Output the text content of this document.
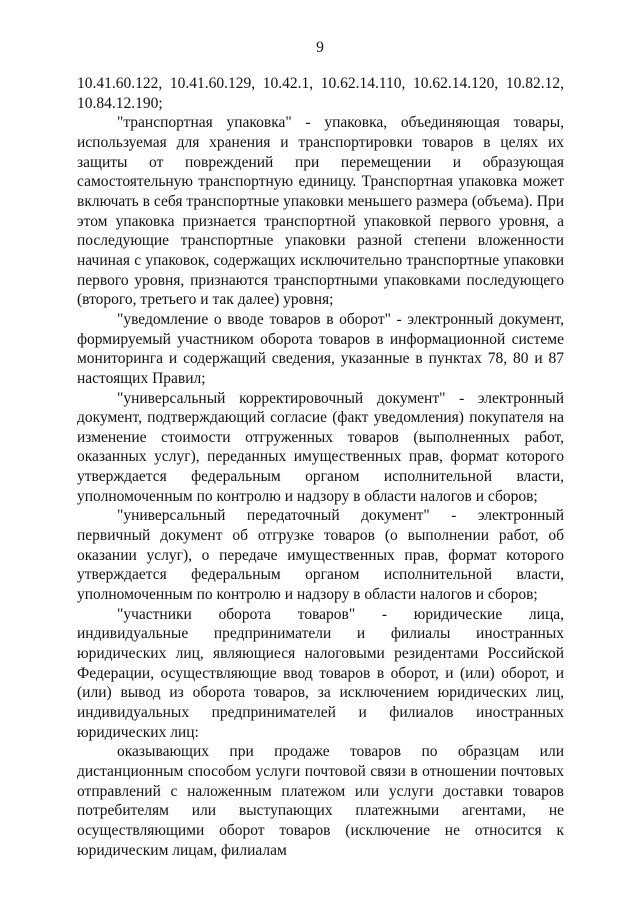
9

10.41.60.122, 10.41.60.129, 10.42.1, 10.62.14.110, 10.62.14.120, 10.82.12, 10.84.12.190;

"транспортная упаковка" - упаковка, объединяющая товары, используемая для хранения и транспортировки товаров в целях их защиты от повреждений при перемещении и образующая самостоятельную транспортную единицу. Транспортная упаковка может включать в себя транспортные упаковки меньшего размера (объема). При этом упаковка признается транспортной упаковкой первого уровня, а последующие транспортные упаковки разной степени вложенности начиная с упаковок, содержащих исключительно транспортные упаковки первого уровня, признаются транспортными упаковками последующего (второго, третьего и так далее) уровня;

"уведомление о вводе товаров в оборот" - электронный документ, формируемый участником оборота товаров в информационной системе мониторинга и содержащий сведения, указанные в пунктах 78, 80 и 87 настоящих Правил;

"универсальный корректировочный документ" - электронный документ, подтверждающий согласие (факт уведомления) покупателя на изменение стоимости отгруженных товаров (выполненных работ, оказанных услуг), переданных имущественных прав, формат которого утверждается федеральным органом исполнительной власти, уполномоченным по контролю и надзору в области налогов и сборов;

"универсальный передаточный документ" - электронный первичный документ об отгрузке товаров (о выполнении работ, об оказании услуг), о передаче имущественных прав, формат которого утверждается федеральным органом исполнительной власти, уполномоченным по контролю и надзору в области налогов и сборов;

"участники оборота товаров" - юридические лица, индивидуальные предприниматели и филиалы иностранных юридических лиц, являющиеся налоговыми резидентами Российской Федерации, осуществляющие ввод товаров в оборот, и (или) оборот, и (или) вывод из оборота товаров, за исключением юридических лиц, индивидуальных предпринимателей и филиалов иностранных юридических лиц:

оказывающих при продаже товаров по образцам или дистанционным способом услуги почтовой связи в отношении почтовых отправлений с наложенным платежом или услуги доставки товаров потребителям или выступающих платежными агентами, не осуществляющими оборот товаров (исключение не относится к юридическим лицам, филиалам
